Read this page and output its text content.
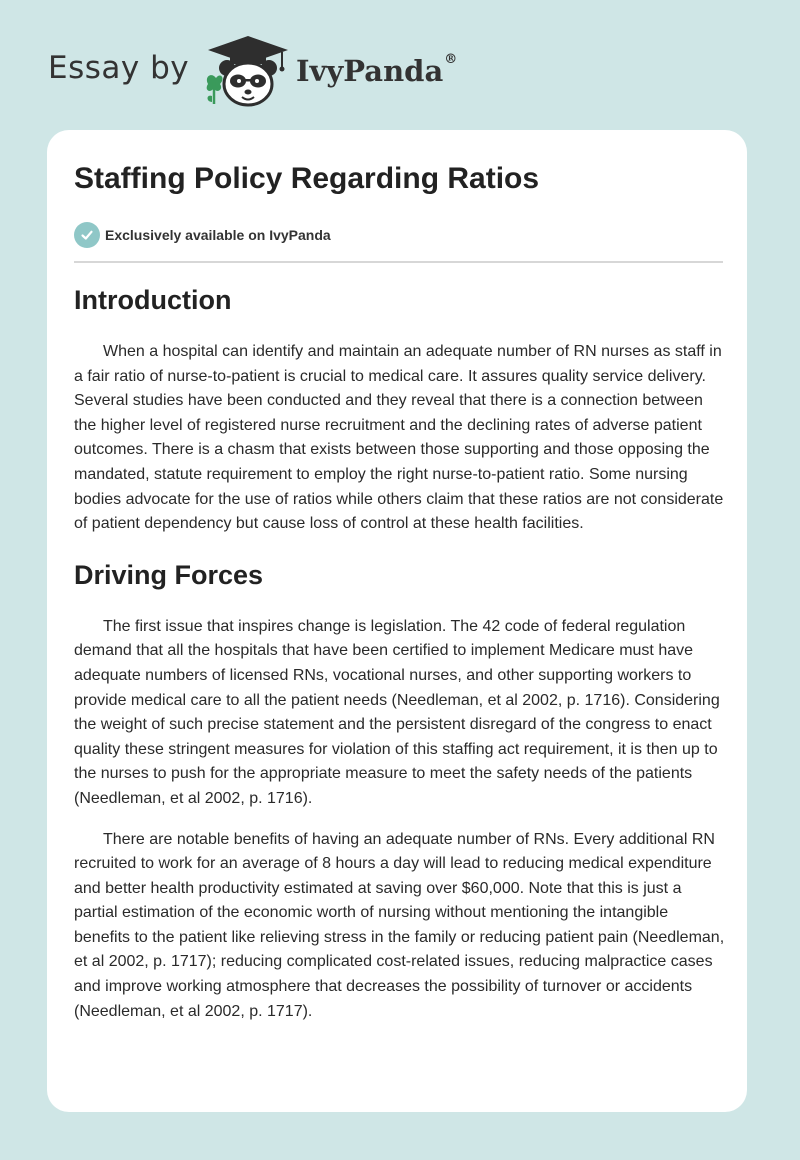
Essay by	IvyPanda®
Staffing Policy Regarding Ratios
Exclusively available on IvyPanda
Introduction

When a hospital can identify and maintain an adequate number of RN nurses as staff in a fair ratio of nurse-to-patient is crucial to medical care. It assures quality service delivery. Several studies have been conducted and they reveal that there is a connection between the higher level of registered nurse recruitment and the declining rates of adverse patient outcomes. There is a chasm that exists between those supporting and those opposing the mandated, statute requirement to employ the right nurse-to-patient ratio. Some nursing bodies advocate for the use of ratios while others claim that these ratios are not considerate of patient dependency but cause loss of control at these health facilities.

Driving Forces

The first issue that inspires change is legislation. The 42 code of federal regulation demand that all the hospitals that have been certified to implement Medicare must have adequate numbers of licensed RNs, vocational nurses, and other supporting workers to provide medical care to all the patient needs (Needleman, et al 2002, p. 1716). Considering the weight of such precise statement and the persistent disregard of the congress to enact quality these stringent measures for violation of this staffing act requirement, it is then up to the nurses to push for the appropriate measure to meet the safety needs of the patients (Needleman, et al 2002, p. 1716).

There are notable benefits of having an adequate number of RNs. Every additional RN recruited to work for an average of 8 hours a day will lead to reducing medical expenditure and better health productivity estimated at saving over $60,000. Note that this is just a partial estimation of the economic worth of nursing without mentioning the intangible benefits to the patient like relieving stress in the family or reducing patient pain (Needleman, et al 2002, p. 1717); reducing complicated cost-related issues, reducing malpractice cases and improve working atmosphere that decreases the possibility of turnover or accidents (Needleman, et al 2002, p. 1717).
